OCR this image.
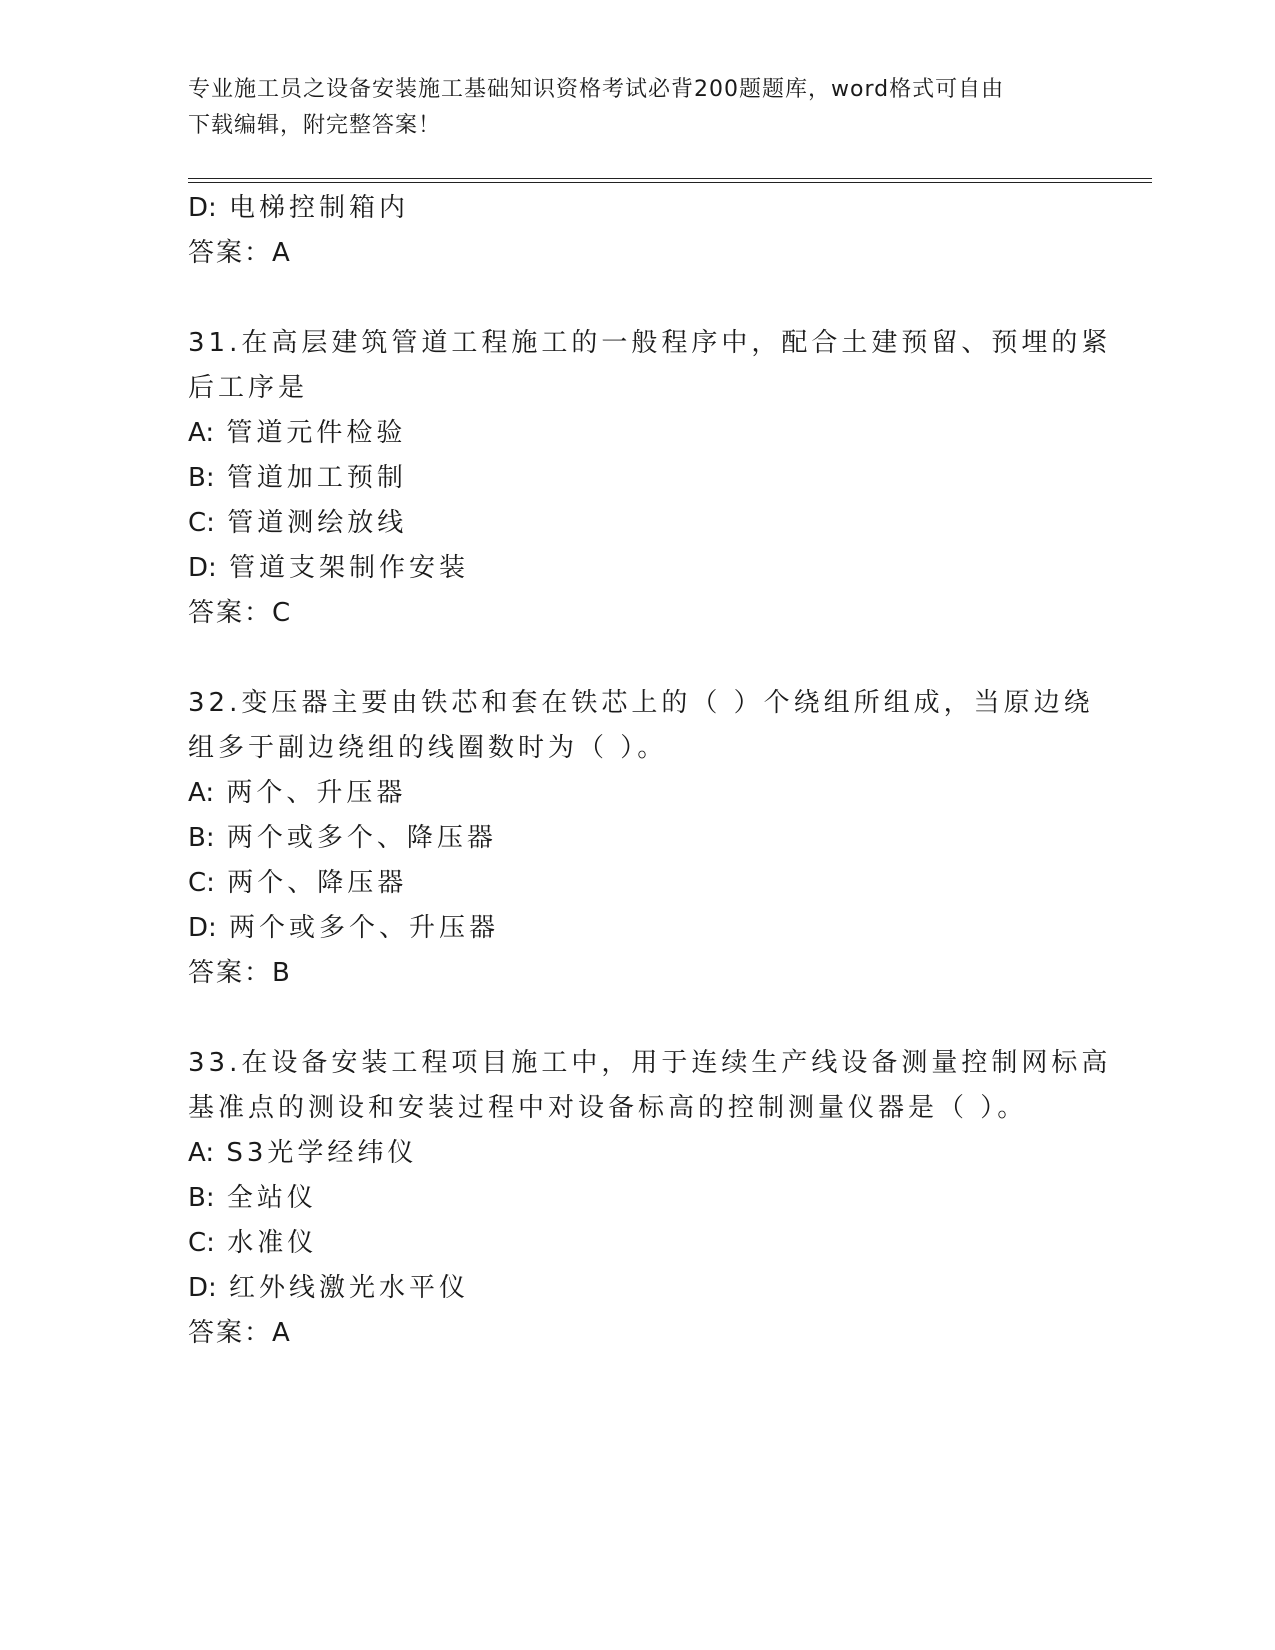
专业施工员之设备安装施工基础知识资格考试必背200题题库，word格式可自由
下载编辑，附完整答案！
D: 电梯控制箱内
答案：A
31.在高层建筑管道工程施工的一般程序中，配合土建预留、预埋的紧
后工序是
A: 管道元件检验
B: 管道加工预制
C: 管道测绘放线
D: 管道支架制作安装
答案：C
32.变压器主要由铁芯和套在铁芯上的（ ）个绕组所组成，当原边绕
组多于副边绕组的线圈数时为（ ）。
A: 两个、升压器
B: 两个或多个、降压器
C: 两个、降压器
D: 两个或多个、升压器
答案：B
33.在设备安装工程项目施工中，用于连续生产线设备测量控制网标高
基准点的测设和安装过程中对设备标高的控制测量仪器是（ ）。
A: S3光学经纬仪
B: 全站仪
C: 水准仪
D: 红外线激光水平仪
答案：A
